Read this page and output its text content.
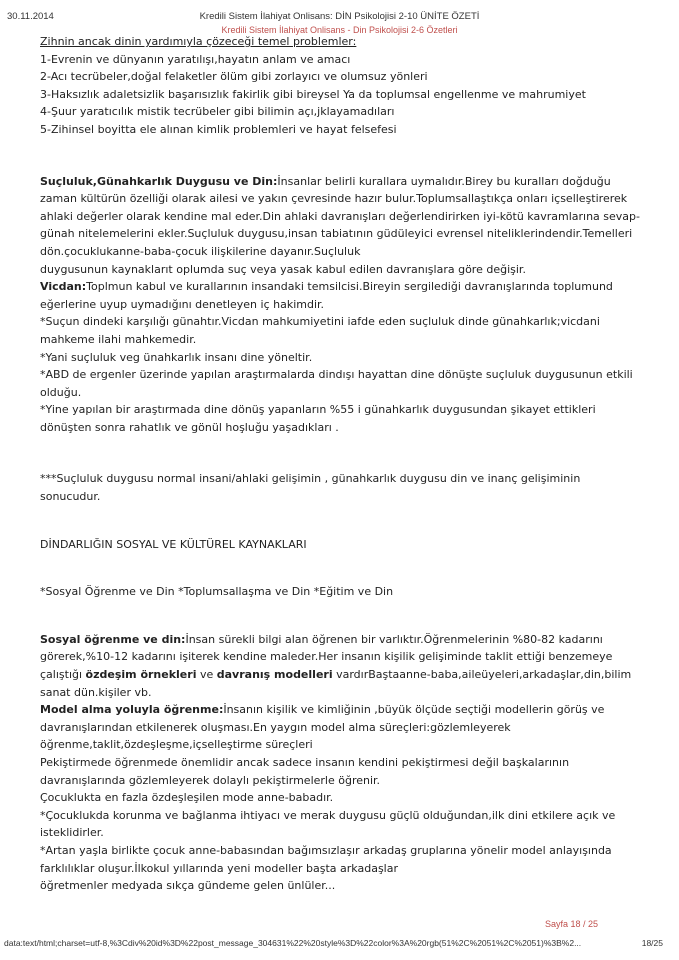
30.11.2014	Kredili Sistem İlahiyat Onlisans: DİN Psikolojisi 2-10 ÜNİTE ÖZETİ
Kredili Sistem İlahiyat Onlisans - Din Psikolojisi 2-6 Özetleri

Zihnin ancak dinin yardımıyla çözeceği temel problemler:

1-Evrenin ve dünyanın yaratılışı,hayatın anlam ve amacı

2-Acı tecrübeler,doğal felaketler ölüm gibi zorlayıcı ve olumsuz yönleri

3-Haksızlık adaletsizlik başarısızlık fakirlik gibi bireysel Ya da toplumsal engellenme ve mahrumiyet

4-Şuur yaratıcılık mistik tecrübeler gibi bilimin açı,jklayamadıları

5-Zihinsel boyitta ele alınan kimlik problemleri ve hayat felsefesi

Suçluluk,Günahkarlık Duygusu ve Din:İnsanlar belirli kurallara uymalıdır.Birey bu kuralları doğduğu zaman kültürün özelliği olarak ailesi ve yakın çevresinde hazır bulur.Toplumsallaştıkça onları içselleştirerek ahlaki değerler olarak kendine mal eder.Din ahlaki davranışları değerlendirirken iyi-kötü kavramlarına sevap-günah nitelemelerini ekler.Suçluluk duygusu,insan tabiatının güdüleyici evrensel niteliklerindendir.Temelleri dön.çocuklukanne-baba-çocuk ilişkilerine dayanır.Suçluluk

duygusunun kaynaklarıt oplumda suç veya yasak kabul edilen davranışlara göre değişir.

Vicdan:Toplmun kabul ve kurallarının insandaki temsilcisi.Bireyin sergilediği davranışlarında toplumund eğerlerine uyup uymadığını denetleyen iç hakimdir.

*Suçun dindeki karşılığı günahtır.Vicdan mahkumiyetini iafde eden suçluluk dinde günahkarlık;vicdani mahkeme ilahi mahkemedir.

*Yani suçluluk veg ünahkarlık insanı dine yöneltir.

*ABD de ergenler üzerinde yapılan araştırmalarda dindışı hayattan dine dönüşte suçluluk duygusunun etkili olduğu.

*Yine yapılan bir araştırmada dine dönüş yapanların %55 i günahkarlık duygusundan şikayet ettikleri dönüşten sonra rahatlık ve gönül hoşluğu yaşadıkları .

***Suçluluk duygusu normal insani/ahlaki gelişimin , günahkarlık duygusu din ve inanç gelişiminin sonucudur.

DİNDARLIĞIN SOSYAL VE KÜLTÜREL KAYNAKLARI

*Sosyal Öğrenme ve Din *Toplumsallaşma ve Din *Eğitim ve Din

Sosyal öğrenme ve din:İnsan sürekli bilgi alan öğrenen bir varlıktır.Öğrenmelerinin %80-82 kadarını görerek,%10-12 kadarını işiterek kendine maleder.Her insanın kişilik gelişiminde taklit ettiği benzemeye çalıştığı özdeşim örnekleri ve davranış modelleri vardırBaştaanne-baba,aileüyeleri,arkadaşlar,din,bilim sanat dün.kişiler vb.

Model alma yoluyla öğrenme:İnsanın kişilik ve kimliğinin ,büyük ölçüde seçtiği modellerin görüş ve davranışlarından etkilenerek oluşması.En yaygın model alma süreçleri:gözlemleyerek

öğrenme,taklit,özdeşleşme,içselleştirme süreçleri

Pekiştirmede öğrenmede önemlidir ancak sadece insanın kendini pekiştirmesi değil başkalarının davranışlarında gözlemleyerek dolaylı pekiştirmelerle öğrenir.

Çocuklukta en fazla özdeşleşilen mode anne-babadır.

*Çocuklukda korunma ve bağlanma ihtiyacı ve merak duygusu güçlü olduğundan,ilk dini etkilere açık ve isteklidirler.

*Artan yaşla birlikte çocuk anne-babasından bağımsızlaşır arkadaş gruplarına yönelir model anlayışında farklılıklar oluşur.İlkokul yıllarında yeni modeller başta arkadaşlar

öğretmenler medyada sıkça gündeme gelen ünlüler...

Sayfa 18 / 25
data:text/html;charset=utf-8,%3Cdiv%20id%3D%22post_message_304631%22%20style%3D%22color%3A%20rgb(51%2C%2051%2C%2051)%3B%2...	18/25
